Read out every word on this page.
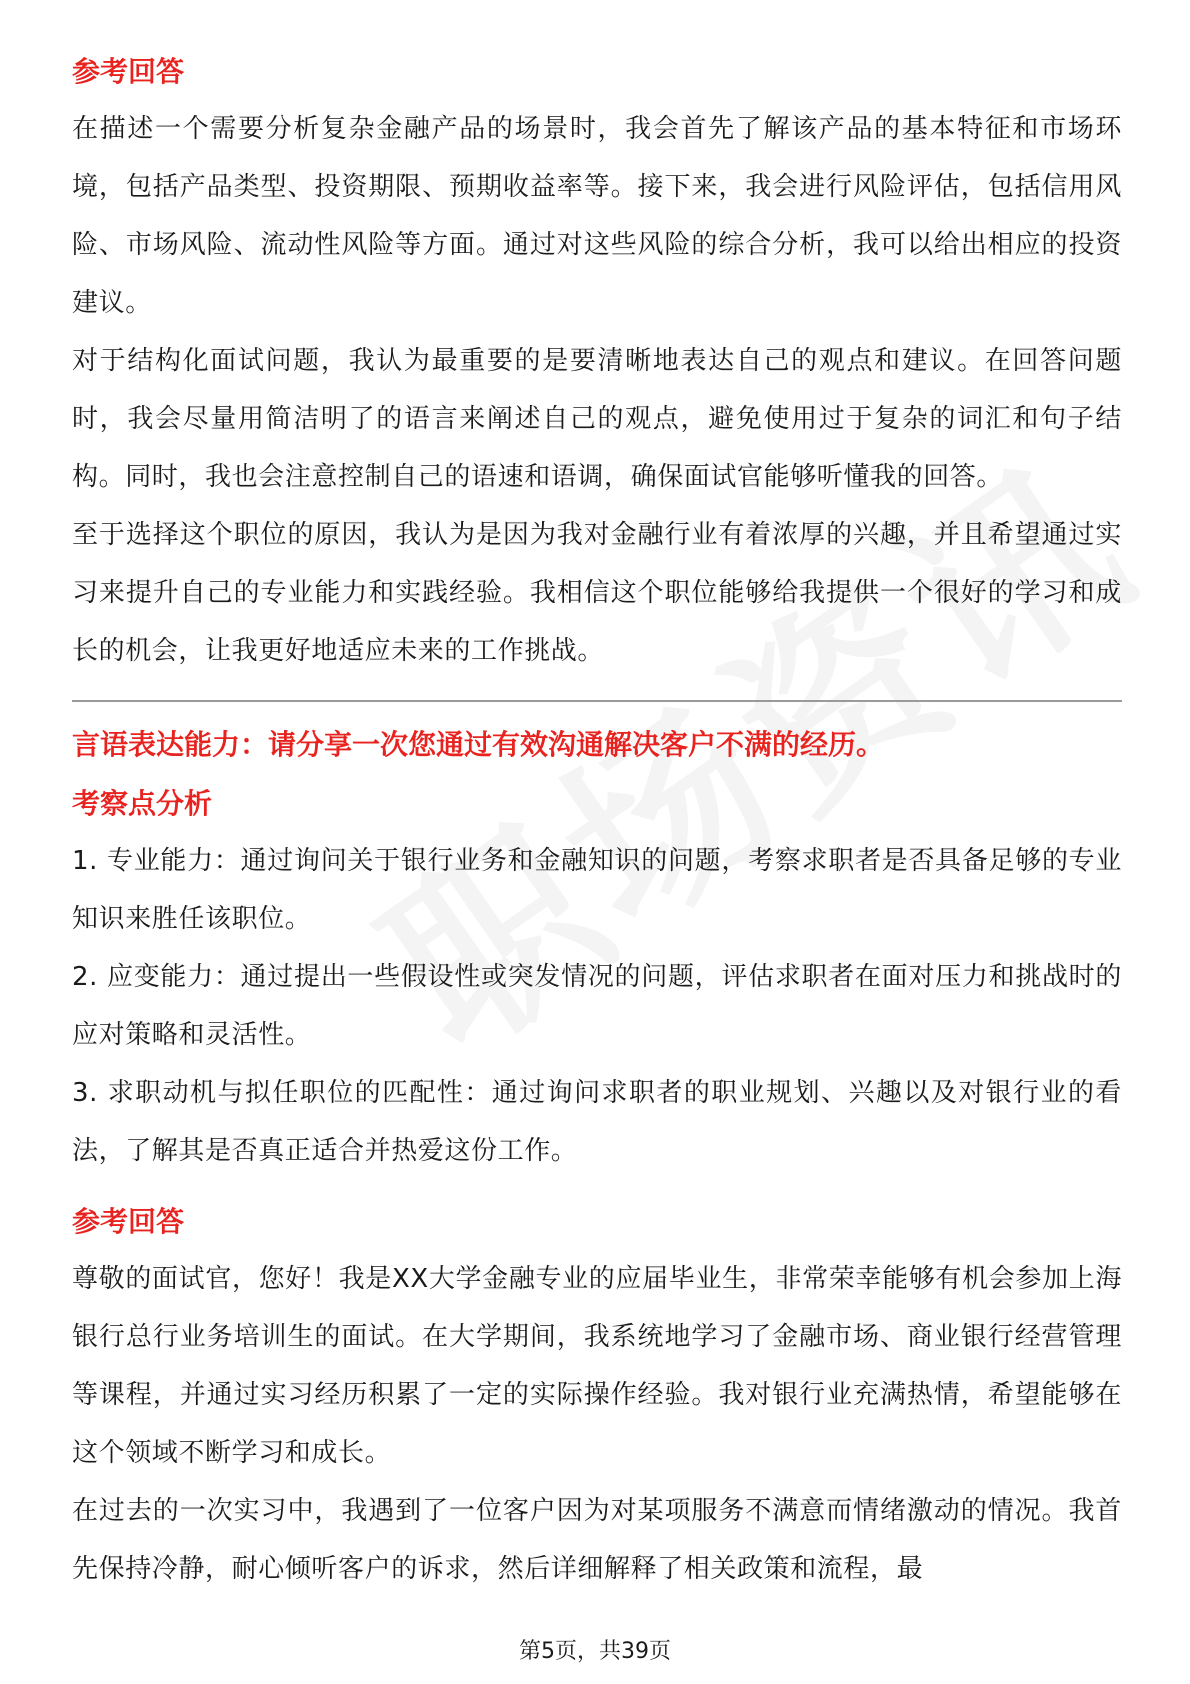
参考回答

在描述一个需要分析复杂金融产品的场景时，我会首先了解该产品的基本特征和市场环境，包括产品类型、投资期限、预期收益率等。接下来，我会进行风险评估，包括信用风险、市场风险、流动性风险等方面。通过对这些风险的综合分析，我可以给出相应的投资建议。

对于结构化面试问题，我认为最重要的是要清晰地表达自己的观点和建议。在回答问题时，我会尽量用简洁明了的语言来阐述自己的观点，避免使用过于复杂的词汇和句子结构。同时，我也会注意控制自己的语速和语调，确保面试官能够听懂我的回答。

至于选择这个职位的原因，我认为是因为我对金融行业有着浓厚的兴趣，并且希望通过实习来提升自己的专业能力和实践经验。我相信这个职位能够给我提供一个很好的学习和成长的机会，让我更好地适应未来的工作挑战。

言语表达能力：请分享一次您通过有效沟通解决客户不满的经历。
考察点分析

1. 专业能力：通过询问关于银行业务和金融知识的问题，考察求职者是否具备足够的专业知识来胜任该职位。

2. 应变能力：通过提出一些假设性或突发情况的问题，评估求职者在面对压力和挑战时的应对策略和灵活性。

3. 求职动机与拟任职位的匹配性：通过询问求职者的职业规划、兴趣以及对银行业的看法，了解其是否真正适合并热爱这份工作。

参考回答

尊敬的面试官，您好！我是XX大学金融专业的应届毕业生，非常荣幸能够有机会参加上海银行总行业务培训生的面试。在大学期间，我系统地学习了金融市场、商业银行经营管理等课程，并通过实习经历积累了一定的实际操作经验。我对银行业充满热情，希望能够在这个领域不断学习和成长。

在过去的一次实习中，我遇到了一位客户因为对某项服务不满意而情绪激动的情况。我首先保持冷静，耐心倾听客户的诉求，然后详细解释了相关政策和流程，最

第5页，共39页
